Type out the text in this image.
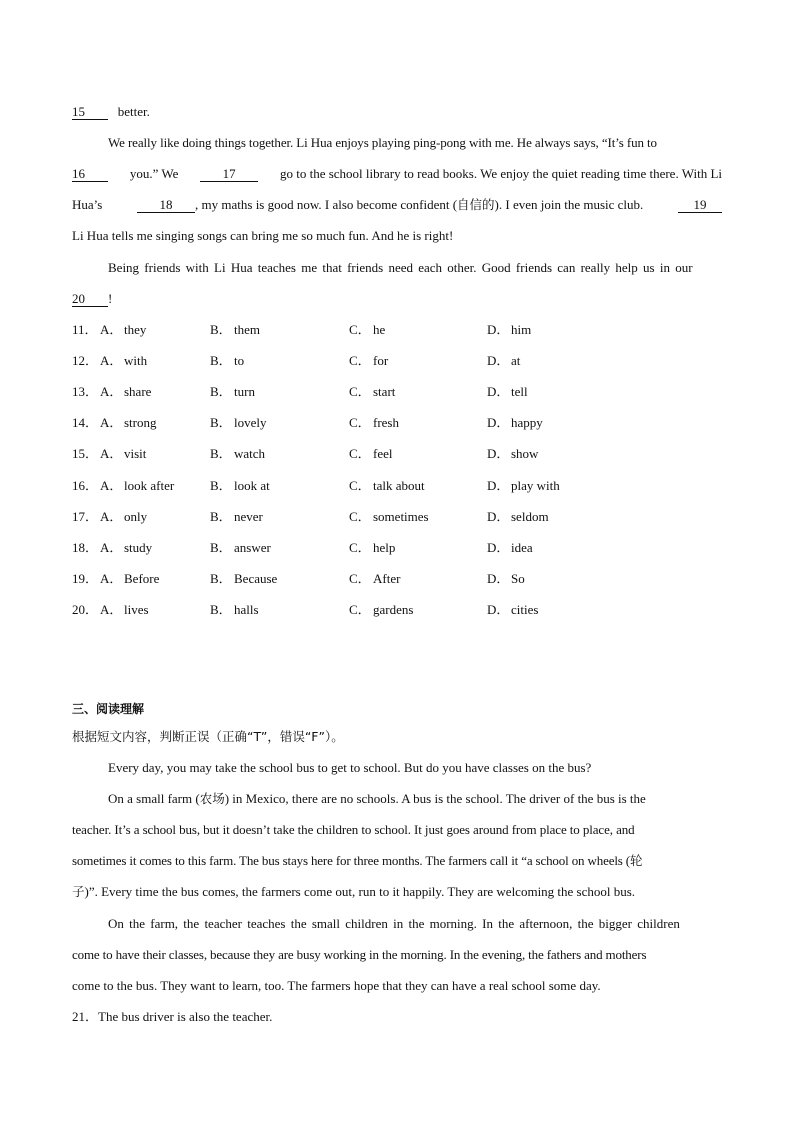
15	better.
We really like doing things together. Li Hua enjoys playing ping-pong with me. He always says, “It’s fun to
16	you.” We	17	go to the school library to read books. We enjoy the quiet reading time there. With Li
Hua’s	18 , my maths is good now. I also become confident (自信的). I even join the music club.	19
Li Hua tells me singing songs can bring me so much fun. And he is right!
Being friends with Li Hua teaches me that friends need each other. Good friends can really help us in our
20 !
11． A． they	B． them	C． he	D． him
12． A． with	B． to	C． for	D． at
13． A． share	B． turn	C． start	D． tell
14． A． strong	B． lovely	C． fresh	D． happy
15． A． visit	B． watch	C． feel	D． show
16． A． look after	B． look at	C． talk about	D． play with
17． A． only	B． never	C． sometimes	D． seldom
18． A． study	B． answer	C． help	D． idea
19． A． Before	B． Because	C． After	D． So
20． A． lives	B． halls	C． gardens	D． cities
三、阅读理解
根据短文内容，判断正误（正确“T”，错误“F”）。
Every day, you may take the school bus to get to school. But do you have classes on the bus?
On a small farm (农场) in Mexico, there are no schools. A bus is the school. The driver of the bus is the
teacher. It’s a school bus, but it doesn’t take the children to school. It just goes around from place to place, and
sometimes it comes to this farm. The bus stays here for three months. The farmers call it “a school on wheels (轮
子)”. Every time the bus comes, the farmers come out, run to it happily. They are welcoming the school bus.
On the farm, the teacher teaches the small children in the morning. In the afternoon, the bigger children
come to have their classes, because they are busy working in the morning. In the evening, the fathers and mothers
come to the bus. They want to learn, too. The farmers hope that they can have a real school some day.
21．The bus driver is also the teacher.
